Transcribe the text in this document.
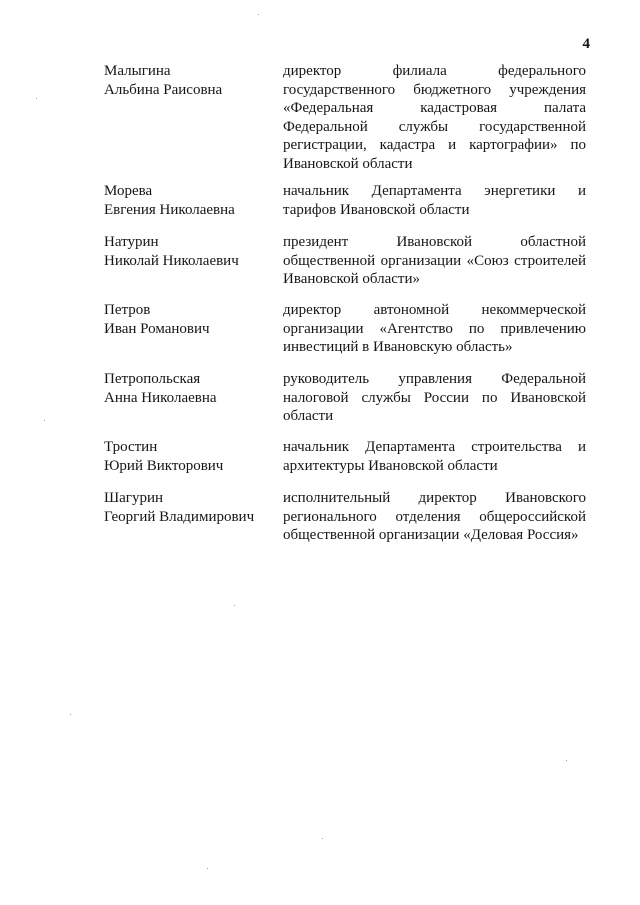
4
Малыгина
Альбина Раисовна
директор филиала федерального государственного бюджетного учреждения «Федеральная кадастровая палата Федеральной службы государственной регистрации, кадастра и картографии» по Ивановской области
Морева
Евгения Николаевна
начальник Департамента энергетики и тарифов Ивановской области
Натурин
Николай Николаевич
президент Ивановской областной общественной организации «Союз строителей Ивановской области»
Петров
Иван Романович
директор автономной некоммерческой организации «Агентство по привлечению инвестиций в Ивановскую область»
Петропольская
Анна Николаевна
руководитель управления Федеральной налоговой службы России по Ивановской области
Тростин
Юрий Викторович
начальник Департамента строительства и архитектуры Ивановской области
Шагурин
Георгий Владимирович
исполнительный директор Ивановского регионального отделения общероссийской общественной организации «Деловая Россия»
